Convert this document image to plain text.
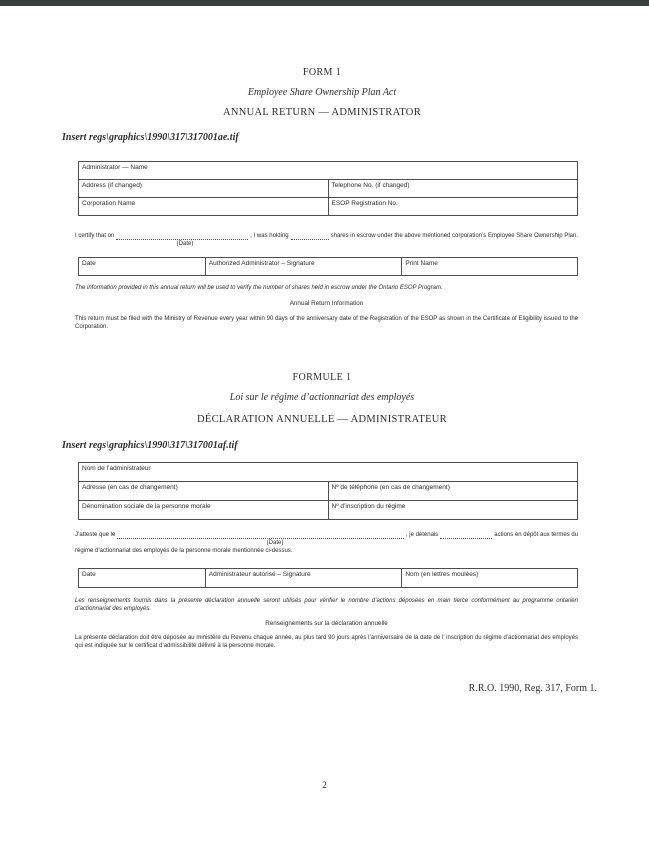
FORM 1
Employee Share Ownership Plan Act
ANNUAL RETURN — ADMINISTRATOR
Insert regs\graphics\1990\317\317001ae.tif
Administrator — Name	
Address (if changed)	Telephone No. (if changed)
Corporation Name	ESOP Registration No.
I certify that on	, I was holding	shares in escrow under the above mentioned corporation’s Employee Share Ownership Plan.
(Date)
Date	Authorized Administrator – Signature	Print Name
The information provided in this annual return will be used to verify the number of shares held in escrow under the Ontario ESOP Program.
Annual Return Information
This return must be filed with the Ministry of Revenue every year within 90 days of the anniversary date of the Registration of the ESOP as shown in the Certificate of Eligibility issued to the Corporation.
FORMULE 1
Loi sur le régime d’actionnariat des employés
DÉCLARATION ANNUELLE — ADMINISTRATEUR
Insert regs\graphics\1990\317\317001af.tif
Nom de l’administrateur	
Adresse (en cas de changement)	Nº de téléphone (en cas de changement)
Dénomination sociale de la personne morale	Nº d’inscription du régime
J’atteste que le	, je détenais	actions en dépôt aux termes du
(Date)
régime d’actionnariat des employés de la personne morale mentionnée ci-dessus.
Date	Administrateur autorisé – Signature	Nom (en lettres moulées)
Les renseignements fournis dans la présente déclaration annuelle seront utilisés pour vérifier le nombre d’actions déposées en main tierce conformément au programme ontarien d’actionnariat des employés.
Renseignements sur la déclaration annuelle
La présente déclaration doit être déposée au ministère du Revenu chaque année, au plus tard 90 jours après l’anniversaire de la date de l’ inscription du régime d’actionnariat des employés qui est indiquée sur le certificat d’admissibilité délivré à la personne morale.
R.R.O. 1990, Reg. 317, Form 1.
2
